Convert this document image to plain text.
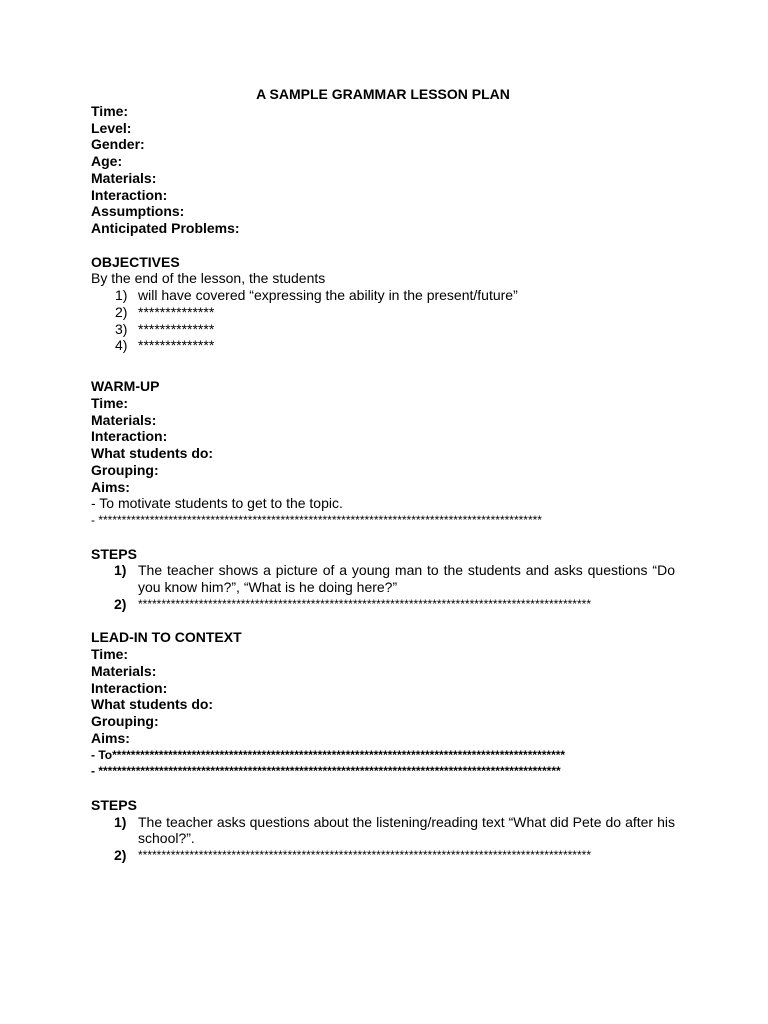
A SAMPLE GRAMMAR LESSON PLAN
Time:
Level:
Gender:
Age:
Materials:
Interaction:
Assumptions:
Anticipated Problems:
OBJECTIVES
By the end of the lesson, the students
1) will have covered “expressing the ability in the present/future”
2) **************
3) **************
4) **************
WARM-UP
Time:
Materials:
Interaction:
What students do:
Grouping:
Aims:
- To motivate students to get to the topic.
- ***********************************************************************************************
STEPS
1) The teacher shows a picture of a young man to the students and asks questions “Do you know him?”, “What is he doing here?”
2) *************************************************************************************************
LEAD-IN TO CONTEXT
Time:
Materials:
Interaction:
What students do:
Grouping:
Aims:
- To*************************************************************************************************
- ***************************************************************************************************
STEPS
1) The teacher asks questions about the listening/reading text “What did Pete do after his school?”.
2) *************************************************************************************************
